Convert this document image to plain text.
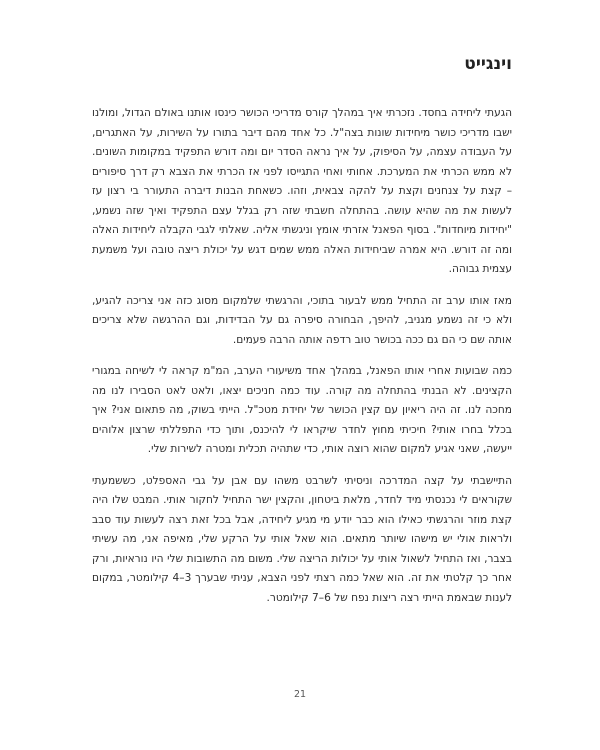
וינגייט

הגעתי ליחידה בחסד. נזכרתי איך במהלך קורס מדריכי הכושר כינסו אותנו באולם הגדול, ומולנו ישבו מדריכי כושר מיחידות שונות בצה"ל. כל אחד מהם דיבר בתורו על השירות, על האתגרים, על העבודה עצמה, על הסיפוק, על איך נראה הסדר יום ומה דורש התפקיד במקומות השונים. לא ממש הכרתי את המערכת. אחותי ואחי התגייסו לפני אז הכרתי את הצבא רק דרך סיפורים – קצת על צנחנים וקצת על להקה צבאית, וזהו. כשאחת הבנות דיברה התעורר בי רצון עז לעשות את מה שהיא עושה. בהתחלה חשבתי שזה רק בגלל עצם התפקיד ואיך שזה נשמע, "יחידות מיוחדות". בסוף הפאנל אזרתי אומץ וניגשתי אליה. שאלתי לגבי הקבלה ליחידות האלה ומה זה דורש. היא אמרה שביחידות האלה ממש שמים דגש על יכולת ריצה טובה ועל משמעת עצמית גבוהה.

מאז אותו ערב זה התחיל ממש לבעור בתוכי, והרגשתי שלמקום מסוג כזה אני צריכה להגיע, ולא כי זה נשמע מגניב, להיפך, הבחורה סיפרה גם על הבדידות, וגם ההרגשה שלא צריכים אותה שם כי הם גם ככה בכושר טוב רדפה אותה הרבה פעמים.

כמה שבועות אחרי אותו הפאנל, במהלך אחד משיעורי הערב, המ"מ קראה לי לשיחה במגורי הקצינים. לא הבנתי בהתחלה מה קורה. עוד כמה חניכים יצאו, ולאט לאט הסבירו לנו מה מחכה לנו. זה היה ריאיון עם קצין הכושר של יחידת מטכ"ל. הייתי בשוק, מה פתאום אני? איך בכלל בחרו אותי? חיכיתי מחוץ לחדר שיקראו לי להיכנס, ותוך כדי התפללתי שרצון אלוהים ייעשה, שאני אגיע למקום שהוא רוצה אותי, כדי שתהיה תכלית ומטרה לשירות שלי.

התיישבתי על קצה המדרכה וניסיתי לשרבט משהו עם אבן על גבי האספלט, כששמעתי שקוראים לי נכנסתי מיד לחדר, מלאת ביטחון, והקצין ישר התחיל לחקור אותי. המבט שלו היה קצת מוזר והרגשתי כאילו הוא כבר יודע מי מגיע ליחידה, אבל בכל זאת רצה לעשות עוד סבב ולראות אולי יש מישהו שיותר מתאים. הוא שאל אותי על הרקע שלי, מאיפה אני, מה עשיתי בצבר, ואז התחיל לשאול אותי על יכולות הריצה שלי. משום מה התשובות שלי היו נוראיות, ורק אחר כך קלטתי את זה. הוא שאל כמה רצתי לפני הצבא, עניתי שבערך 3–4 קילומטר, במקום לענות שבאמת הייתי רצה ריצות נפח של 6–7 קילומטר.

21
